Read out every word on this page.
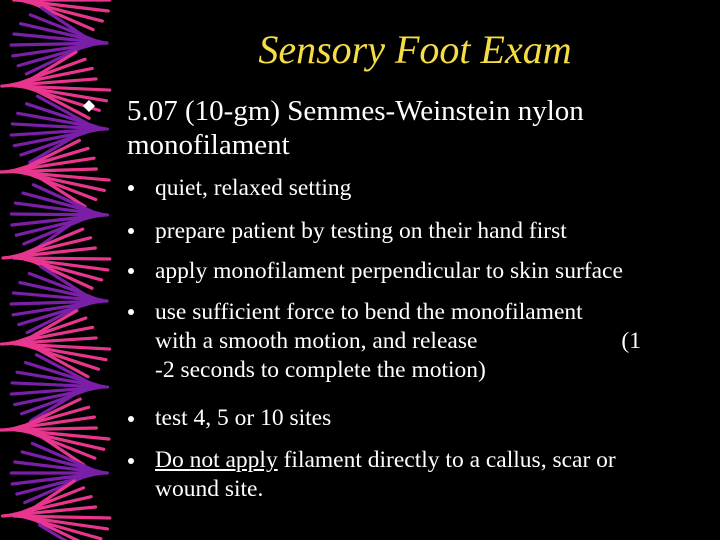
Sensory Foot Exam
5.07 (10-gm) Semmes-Weinstein nylon
monofilament
quiet, relaxed setting
prepare patient by testing on their hand first
apply monofilament perpendicular to skin surface
use sufficient force to bend the monofilament
with a smooth motion, and release	(1
-2 seconds to complete the motion)
test 4, 5 or 10 sites
Do not apply filament directly to a callus, scar or
wound site.
